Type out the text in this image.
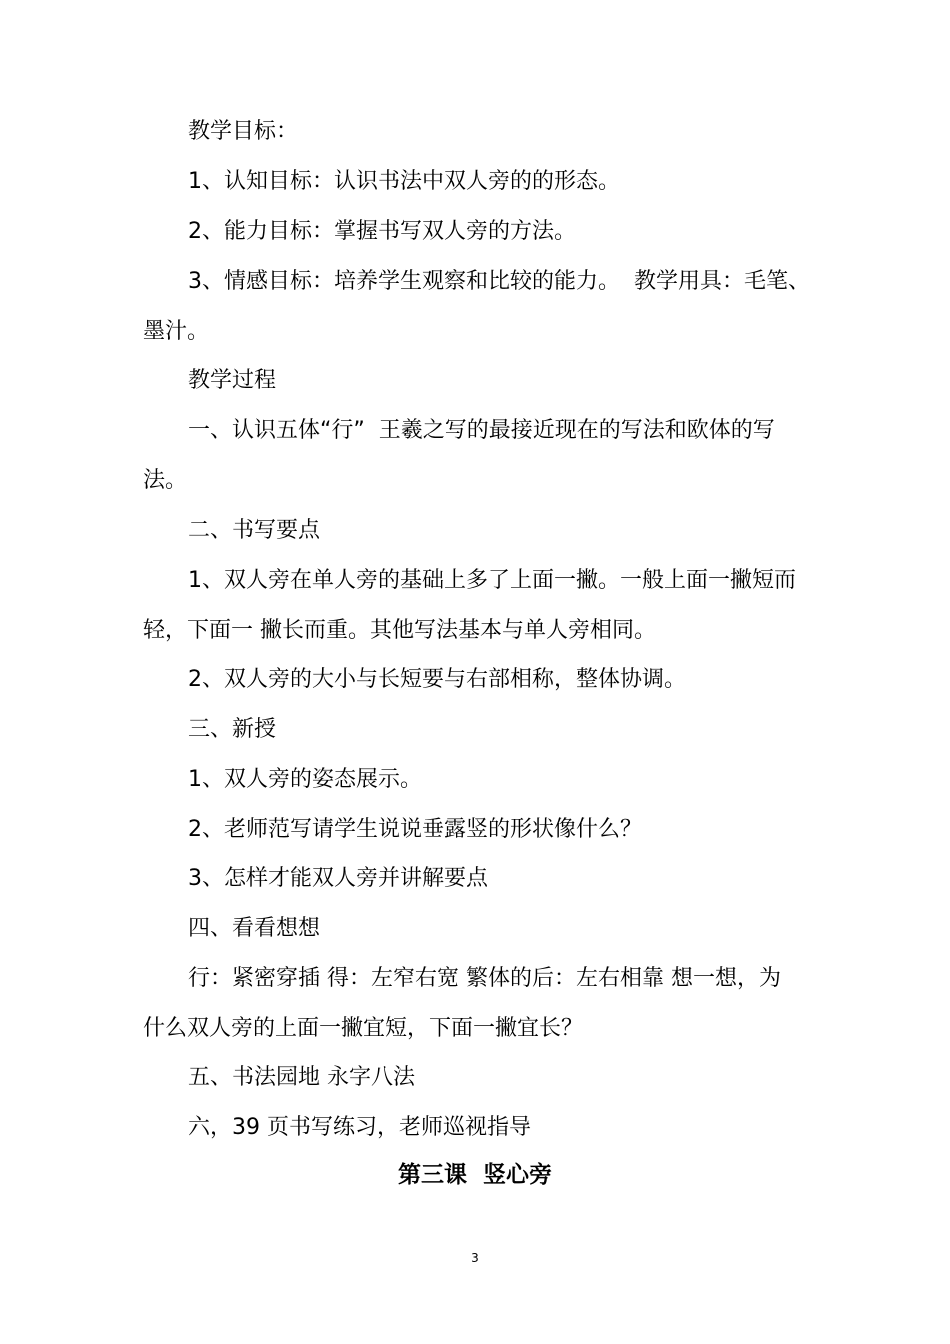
教学目标：
1、认知目标：认识书法中双人旁的的形态。
2、能力目标：掌握书写双人旁的方法。
3、情感目标：培养学生观察和比较的能力。  教学用具：毛笔、
墨汁。
教学过程
一、认识五体“行”  王羲之写的最接近现在的写法和欧体的写
法。
二、书写要点
1、双人旁在单人旁的基础上多了上面一撇。一般上面一撇短而
轻，下面一 撇长而重。其他写法基本与单人旁相同。
2、双人旁的大小与长短要与右部相称，整体协调。
三、新授
1、双人旁的姿态展示。
2、老师范写请学生说说垂露竖的形状像什么？
3、怎样才能双人旁并讲解要点
四、看看想想
行：紧密穿插 得：左窄右宽 繁体的后：左右相靠 想一想，为
什么双人旁的上面一撇宜短，下面一撇宜长？
五、书法园地 永字八法
六，39 页书写练习，老师巡视指导
第三课  竖心旁
3
